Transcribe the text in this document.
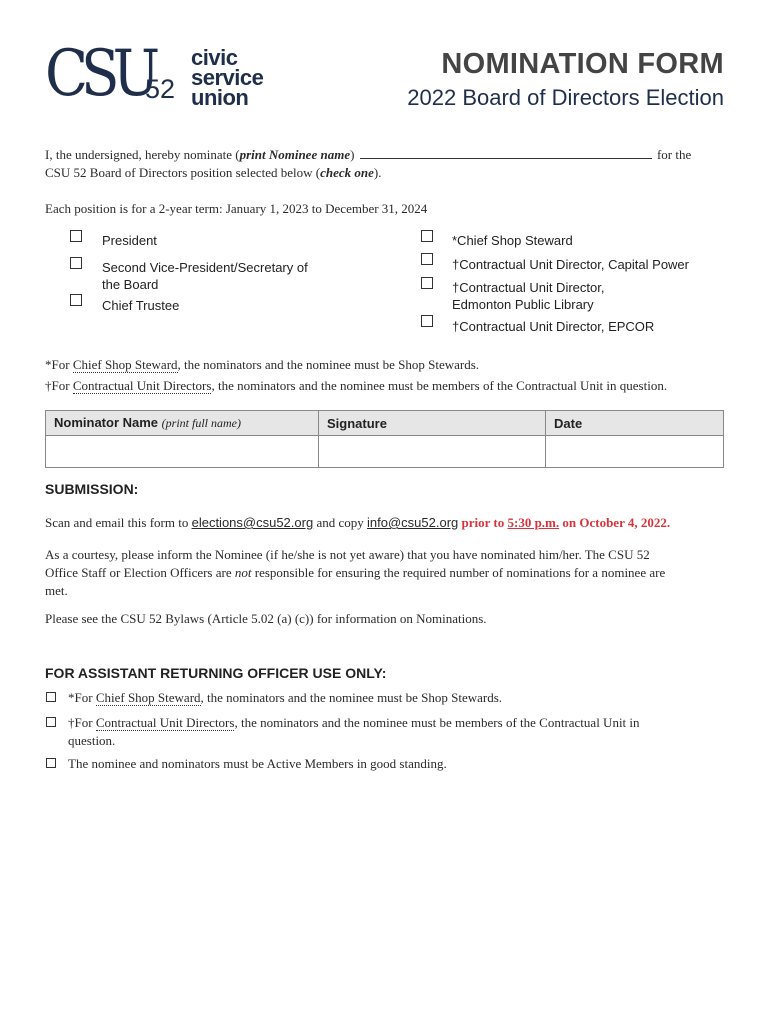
CSU
52
civic
service
union
NOMINATION FORM
2022 Board of Directors Election
I, the undersigned, hereby nominate (print Nominee name)	for the
CSU 52 Board of Directors position selected below (check one).
Each position is for a 2-year term: January 1, 2023 to December 31, 2024
President
Second Vice-President/Secretary of
the Board
Chief Trustee
*Chief Shop Steward
†Contractual Unit Director, Capital Power
†Contractual Unit Director,
Edmonton Public Library
†Contractual Unit Director, EPCOR
*For Chief Shop Steward, the nominators and the nominee must be Shop Stewards.
†For Contractual Unit Directors, the nominators and the nominee must be members of the Contractual Unit in question.
Nominator Name (print full name)	Signature	Date

SUBMISSION:
Scan and email this form to elections@csu52.org and copy info@csu52.org prior to 5:30 p.m. on October 4, 2022.
As a courtesy, please inform the Nominee (if he/she is not yet aware) that you have nominated him/her. The CSU 52
Office Staff or Election Officers are not responsible for ensuring the required number of nominations for a nominee are
met.
Please see the CSU 52 Bylaws (Article 5.02 (a) (c)) for information on Nominations.
FOR ASSISTANT RETURNING OFFICER USE ONLY:
*For Chief Shop Steward, the nominators and the nominee must be Shop Stewards.
†For Contractual Unit Directors, the nominators and the nominee must be members of the Contractual Unit in
question.
The nominee and nominators must be Active Members in good standing.
